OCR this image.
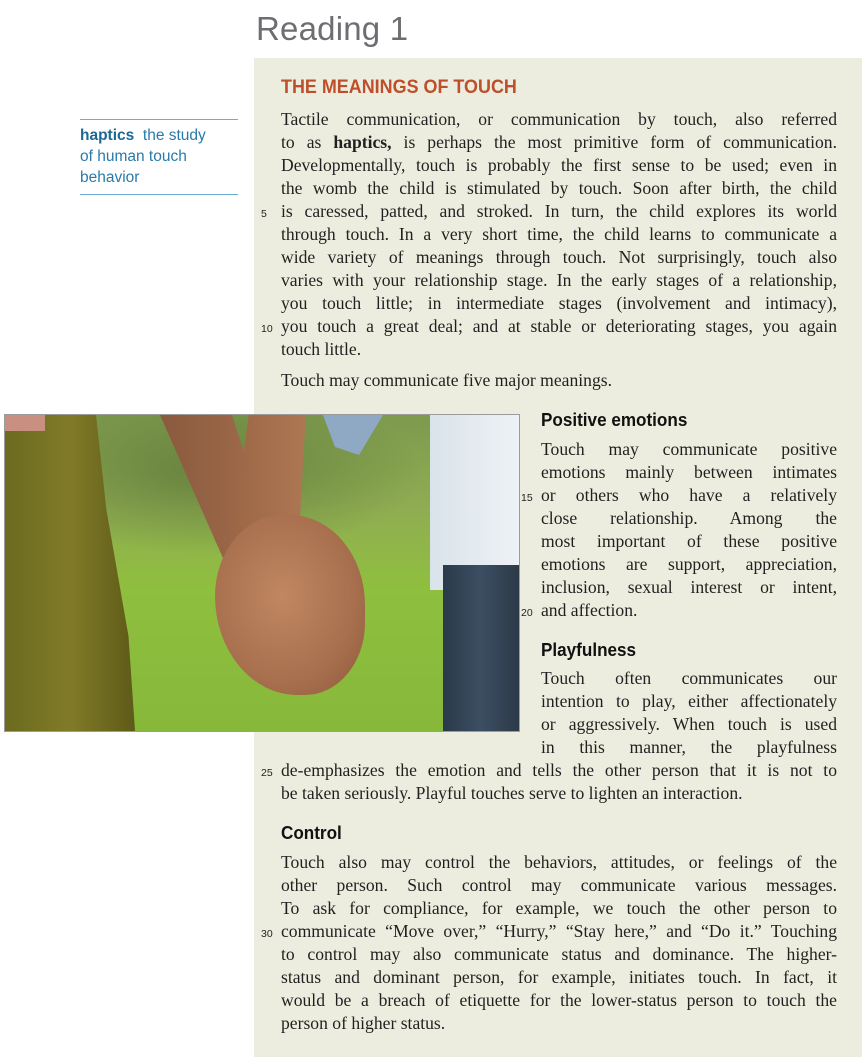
Reading 1
THE MEANINGS OF TOUCH
haptics the study
of human touch
behavior
Tactile communication, or communication by touch, also referred
to as haptics, is perhaps the most primitive form of communication.
Developmentally, touch is probably the first sense to be used; even in
the womb the child is stimulated by touch. Soon after birth, the child
5 is caressed, patted, and stroked. In turn, the child explores its world
through touch. In a very short time, the child learns to communicate a
wide variety of meanings through touch. Not surprisingly, touch also
varies with your relationship stage. In the early stages of a relationship,
you touch little; in intermediate stages (involvement and intimacy),
10 you touch a great deal; and at stable or deteriorating stages, you again
touch little.
Touch may communicate five major meanings.
Positive emotions
Touch may communicate positive
emotions mainly between intimates
15 or others who have a relatively
close relationship. Among the
most important of these positive
emotions are support, appreciation,
inclusion, sexual interest or intent,
20 and affection.
Playfulness
Touch often communicates our
intention to play, either affectionately
or aggressively. When touch is used
in this manner, the playfulness
25 de-emphasizes the emotion and tells the other person that it is not to
be taken seriously. Playful touches serve to lighten an interaction.
Control
Touch also may control the behaviors, attitudes, or feelings of the
other person. Such control may communicate various messages.
To ask for compliance, for example, we touch the other person to
30 communicate “Move over,” “Hurry,” “Stay here,” and “Do it.” Touching
to control may also communicate status and dominance. The higher-
status and dominant person, for example, initiates touch. In fact, it
would be a breach of etiquette for the lower-status person to touch the
person of higher status.
